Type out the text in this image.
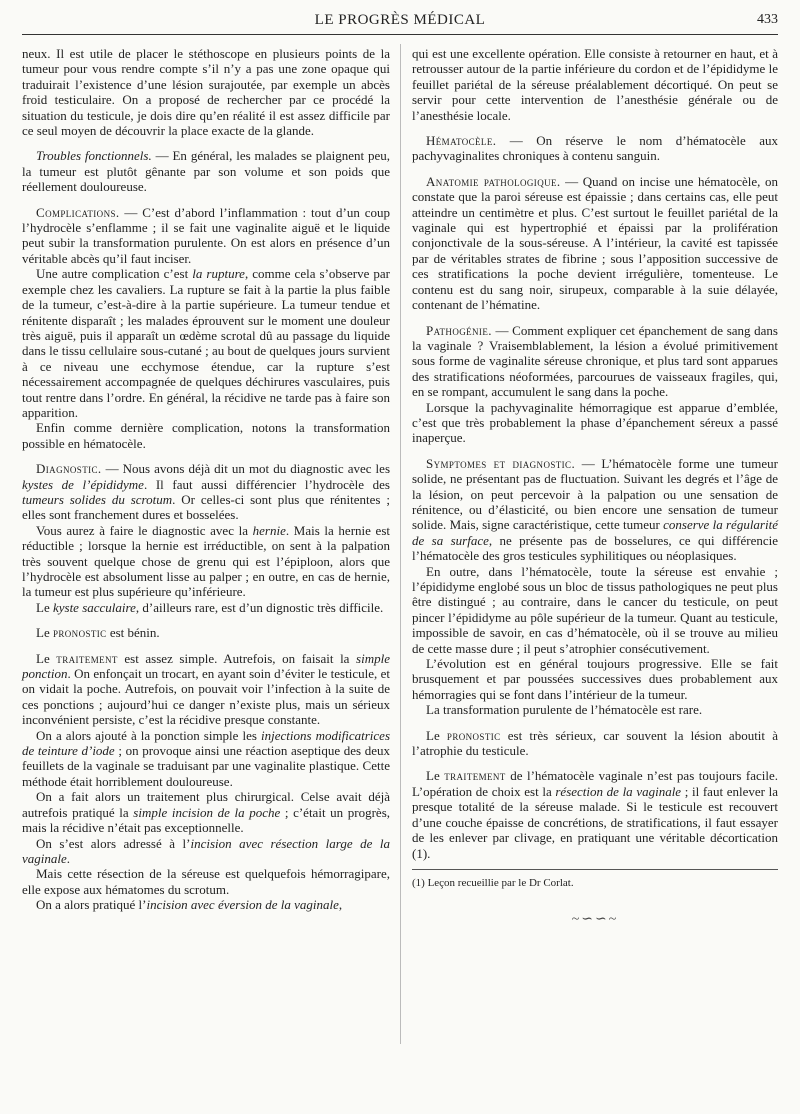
LE PROGRÈS MÉDICAL	433

neux. Il est utile de placer le stéthoscope en plusieurs points de la tumeur pour vous rendre compte s’il n’y a pas une zone opaque qui traduirait l’existence d’une lésion surajoutée, par exemple un abcès froid testiculaire. On a proposé de rechercher par ce procédé la situation du testicule, je dois dire qu’en réalité il est assez difficile par ce seul moyen de découvrir la place exacte de la glande.

Troubles fonctionnels. — En général, les malades se plaignent peu, la tumeur est plutôt gênante par son volume et son poids que réellement douloureuse.

Complications. — C’est d’abord l’inflammation : tout d’un coup l’hydrocèle s’enflamme ; il se fait une vaginalite aiguë et le liquide peut subir la transformation purulente. On est alors en présence d’un véritable abcès qu’il faut inciser.

Une autre complication c’est la rupture, comme cela s’observe par exemple chez les cavaliers. La rupture se fait à la partie la plus faible de la tumeur, c’est-à-dire à la partie supérieure. La tumeur tendue et rénitente disparaît ; les malades éprouvent sur le moment une douleur très aiguë, puis il apparaît un œdème scrotal dû au passage du liquide dans le tissu cellulaire sous-cutané ; au bout de quelques jours survient à ce niveau une ecchymose étendue, car la rupture s’est nécessairement accompagnée de quelques déchirures vasculaires, puis tout rentre dans l’ordre. En général, la récidive ne tarde pas à faire son apparition.

Enfin comme dernière complication, notons la transformation possible en hématocèle.

Diagnostic. — Nous avons déjà dit un mot du diagnostic avec les kystes de l’épididyme. Il faut aussi différencier l’hydrocèle des tumeurs solides du scrotum. Or celles-ci sont plus que rénitentes ; elles sont franchement dures et bosselées.

Vous aurez à faire le diagnostic avec la hernie. Mais la hernie est réductible ; lorsque la hernie est irréductible, on sent à la palpation très souvent quelque chose de grenu qui est l’épiploon, alors que l’hydrocèle est absolument lisse au palper ; en outre, en cas de hernie, la tumeur est plus supérieure qu’inférieure.

Le kyste sacculaire, d’ailleurs rare, est d’un dignostic très difficile.

Le pronostic est bénin.

Le traitement est assez simple. Autrefois, on faisait la simple ponction. On enfonçait un trocart, en ayant soin d’éviter le testicule, et on vidait la poche. Autrefois, on pouvait voir l’infection à la suite de ces ponctions ; aujourd’hui ce danger n’existe plus, mais un sérieux inconvénient persiste, c’est la récidive presque constante.

On a alors ajouté à la ponction simple les injections modificatrices de teinture d’iode ; on provoque ainsi une réaction aseptique des deux feuillets de la vaginale se traduisant par une vaginalite plastique. Cette méthode était horriblement douloureuse.

On a fait alors un traitement plus chirurgical. Celse avait déjà autrefois pratiqué la simple incision de la poche ; c’était un progrès, mais la récidive n’était pas exceptionnelle.

On s’est alors adressé à l’incision avec résection large de la vaginale.

Mais cette résection de la séreuse est quelquefois hémorragipare, elle expose aux hématomes du scrotum.

On a alors pratiqué l’incision avec éversion de la vaginale,

qui est une excellente opération. Elle consiste à retourner en haut, et à retrousser autour de la partie inférieure du cordon et de l’épididyme le feuillet pariétal de la séreuse préalablement décortiqué. On peut se servir pour cette intervention de l’anesthésie générale ou de l’anesthésie locale.

Hématocèle. — On réserve le nom d’hématocèle aux pachyvaginalites chroniques à contenu sanguin.

Anatomie pathologique. — Quand on incise une hématocèle, on constate que la paroi séreuse est épaissie ; dans certains cas, elle peut atteindre un centimètre et plus. C’est surtout le feuillet pariétal de la vaginale qui est hypertrophié et épaissi par la prolifération conjonctivale de la sous-séreuse. A l’intérieur, la cavité est tapissée par de véritables strates de fibrine ; sous l’apposition successive de ces stratifications la poche devient irrégulière, tomenteuse. Le contenu est du sang noir, sirupeux, comparable à la suie délayée, contenant de l’hématine.

Pathogénie. — Comment expliquer cet épanchement de sang dans la vaginale ? Vraisemblablement, la lésion a évolué primitivement sous forme de vaginalite séreuse chronique, et plus tard sont apparues des stratifications néoformées, parcourues de vaisseaux fragiles, qui, en se rompant, accumulent le sang dans la poche.

Lorsque la pachyvaginalite hémorragique est apparue d’emblée, c’est que très probablement la phase d’épanchement séreux a passé inaperçue.

Symptomes et diagnostic. — L’hématocèle forme une tumeur solide, ne présentant pas de fluctuation. Suivant les degrés et l’âge de la lésion, on peut percevoir à la palpation ou une sensation de rénitence, ou d’élasticité, ou bien encore une sensation de tumeur solide. Mais, signe caractéristique, cette tumeur conserve la régularité de sa surface, ne présente pas de bosselures, ce qui différencie l’hématocèle des gros testicules syphilitiques ou néoplasiques.

En outre, dans l’hématocèle, toute la séreuse est envahie ; l’épididyme englobé sous un bloc de tissus pathologiques ne peut plus être distingué ; au contraire, dans le cancer du testicule, on peut pincer l’épididyme au pôle supérieur de la tumeur. Quant au testicule, impossible de savoir, en cas d’hématocèle, où il se trouve au milieu de cette masse dure ; il peut s’atrophier consécutivement.

L’évolution est en général toujours progressive. Elle se fait brusquement et par poussées successives dues probablement aux hémorragies qui se font dans l’intérieur de la tumeur.

La transformation purulente de l’hématocèle est rare.

Le pronostic est très sérieux, car souvent la lésion aboutit à l’atrophie du testicule.

Le traitement de l’hématocèle vaginale n’est pas toujours facile. L’opération de choix est la résection de la vaginale ; il faut enlever la presque totalité de la séreuse malade. Si le testicule est recouvert d’une couche épaisse de concrétions, de stratifications, il faut essayer de les enlever par clivage, en pratiquant une véritable décortication (1).

(1) Leçon recueillie par le Dr Corlat.

~∽∽~
